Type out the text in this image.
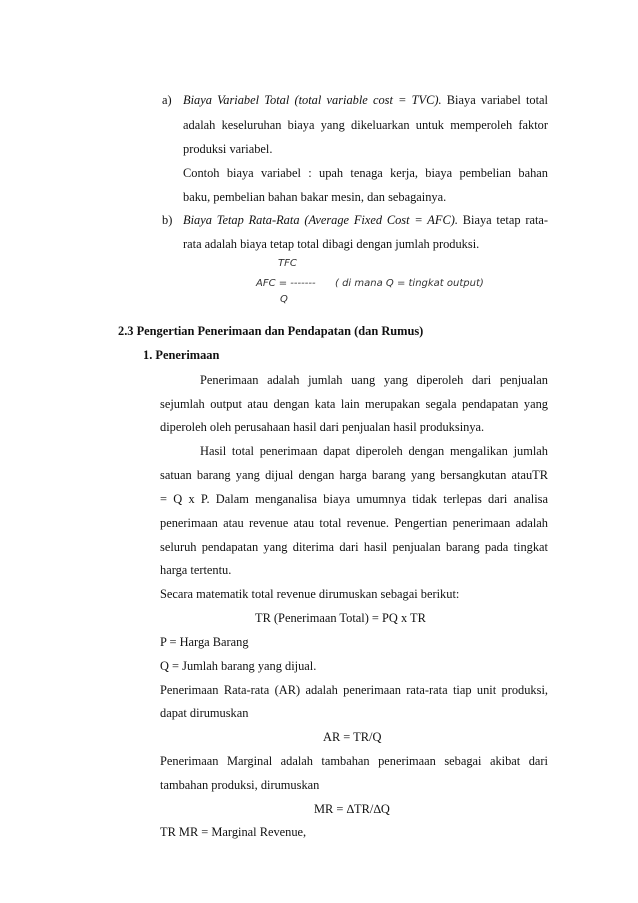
a) Biaya Variabel Total (total variable cost = TVC). Biaya variabel total
adalah keseluruhan biaya yang dikeluarkan untuk memperoleh faktor
produksi variabel.
Contoh biaya variabel : upah tenaga kerja, biaya pembelian bahan
baku, pembelian bahan bakar mesin, dan sebagainya.
b) Biaya Tetap Rata-Rata (Average Fixed Cost = AFC). Biaya tetap rata-
rata adalah biaya tetap total dibagi dengan jumlah produksi.
TFC
AFC = -------
Q
( di mana Q = tingkat output)
2.3 Pengertian Penerimaan dan Pendapatan (dan Rumus)
1. Penerimaan
Penerimaan adalah jumlah uang yang diperoleh dari penjualan
sejumlah output atau dengan kata lain merupakan segala pendapatan yang
diperoleh oleh perusahaan hasil dari penjualan hasil produksinya.
Hasil total penerimaan dapat diperoleh dengan mengalikan jumlah
satuan barang yang dijual dengan harga barang yang bersangkutan atauTR
= Q x P. Dalam menganalisa biaya umumnya tidak terlepas dari analisa
penerimaan atau revenue atau total revenue. Pengertian penerimaan adalah
seluruh pendapatan yang diterima dari hasil penjualan barang pada tingkat
harga tertentu.
Secara matematik total revenue dirumuskan sebagai berikut:
TR (Penerimaan Total) = PQ x TR
P = Harga Barang
Q = Jumlah barang yang dijual.
Penerimaan Rata-rata (AR) adalah penerimaan rata-rata tiap unit produksi,
dapat dirumuskan
AR = TR/Q
Penerimaan Marginal adalah tambahan penerimaan sebagai akibat dari
tambahan produksi, dirumuskan
MR = ∆TR/∆Q
TR MR = Marginal Revenue,
